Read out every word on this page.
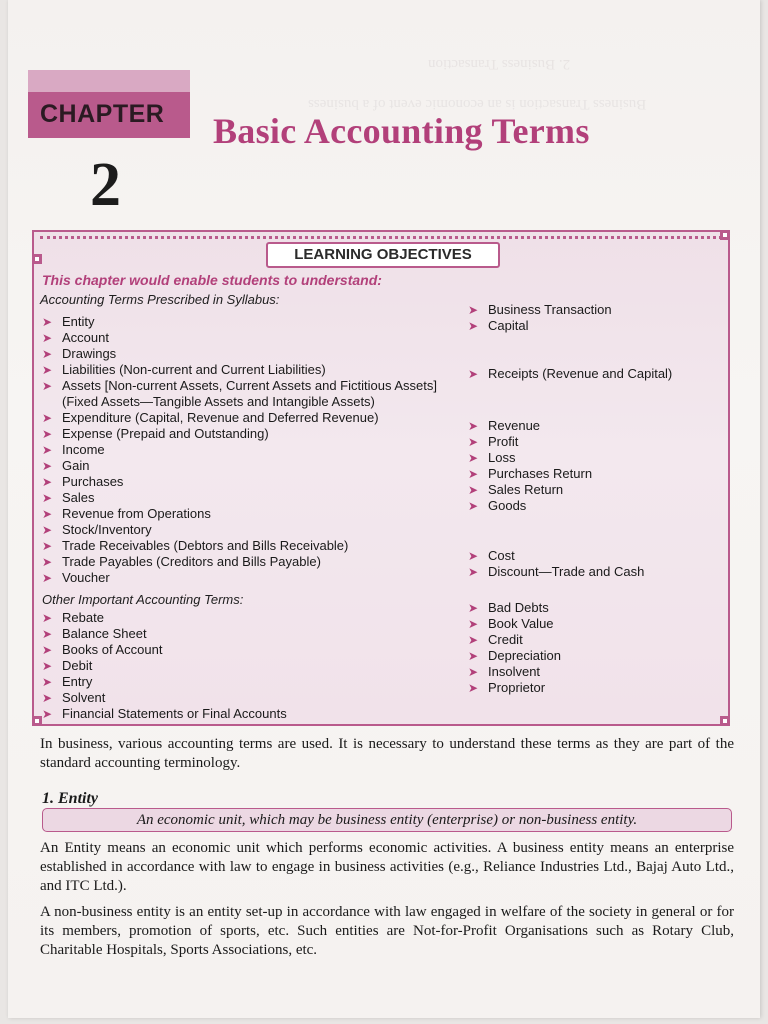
2. Business Transaction
Business Transaction is an economic event of a business
CHAPTER
2
Basic Accounting Terms
LEARNING OBJECTIVES
This chapter would enable students to understand:
Accounting Terms Prescribed in Syllabus:
➤ Entity
➤ Account
➤ Drawings
➤ Liabilities (Non-current and Current Liabilities)
➤ Assets [Non-current Assets, Current Assets and Fictitious Assets]
(Fixed Assets—Tangible Assets and Intangible Assets)
➤ Expenditure (Capital, Revenue and Deferred Revenue)
➤ Expense (Prepaid and Outstanding)
➤ Income
➤ Gain
➤ Purchases
➤ Sales
➤ Revenue from Operations
➤ Stock/Inventory
➤ Trade Receivables (Debtors and Bills Receivable)
➤ Trade Payables (Creditors and Bills Payable)
➤ Voucher
➤ Business Transaction
➤ Capital
➤ Receipts (Revenue and Capital)
➤ Revenue
➤ Profit
➤ Loss
➤ Purchases Return
➤ Sales Return
➤ Goods
➤ Cost
➤ Discount—Trade and Cash
Other Important Accounting Terms:
➤ Rebate
➤ Balance Sheet
➤ Books of Account
➤ Debit
➤ Entry
➤ Solvent
➤ Financial Statements or Final Accounts
➤ Bad Debts
➤ Book Value
➤ Credit
➤ Depreciation
➤ Insolvent
➤ Proprietor
In business, various accounting terms are used. It is necessary to understand these terms as they are part of the standard accounting terminology.
1. Entity
An economic unit, which may be business entity (enterprise) or non-business entity.
An Entity means an economic unit which performs economic activities. A business entity means an enterprise established in accordance with law to engage in business activities (e.g., Reliance Industries Ltd., Bajaj Auto Ltd., and ITC Ltd.).
A non-business entity is an entity set-up in accordance with law engaged in welfare of the society in general or for its members, promotion of sports, etc. Such entities are Not-for-Profit Organisations such as Rotary Club, Charitable Hospitals, Sports Associations, etc.
